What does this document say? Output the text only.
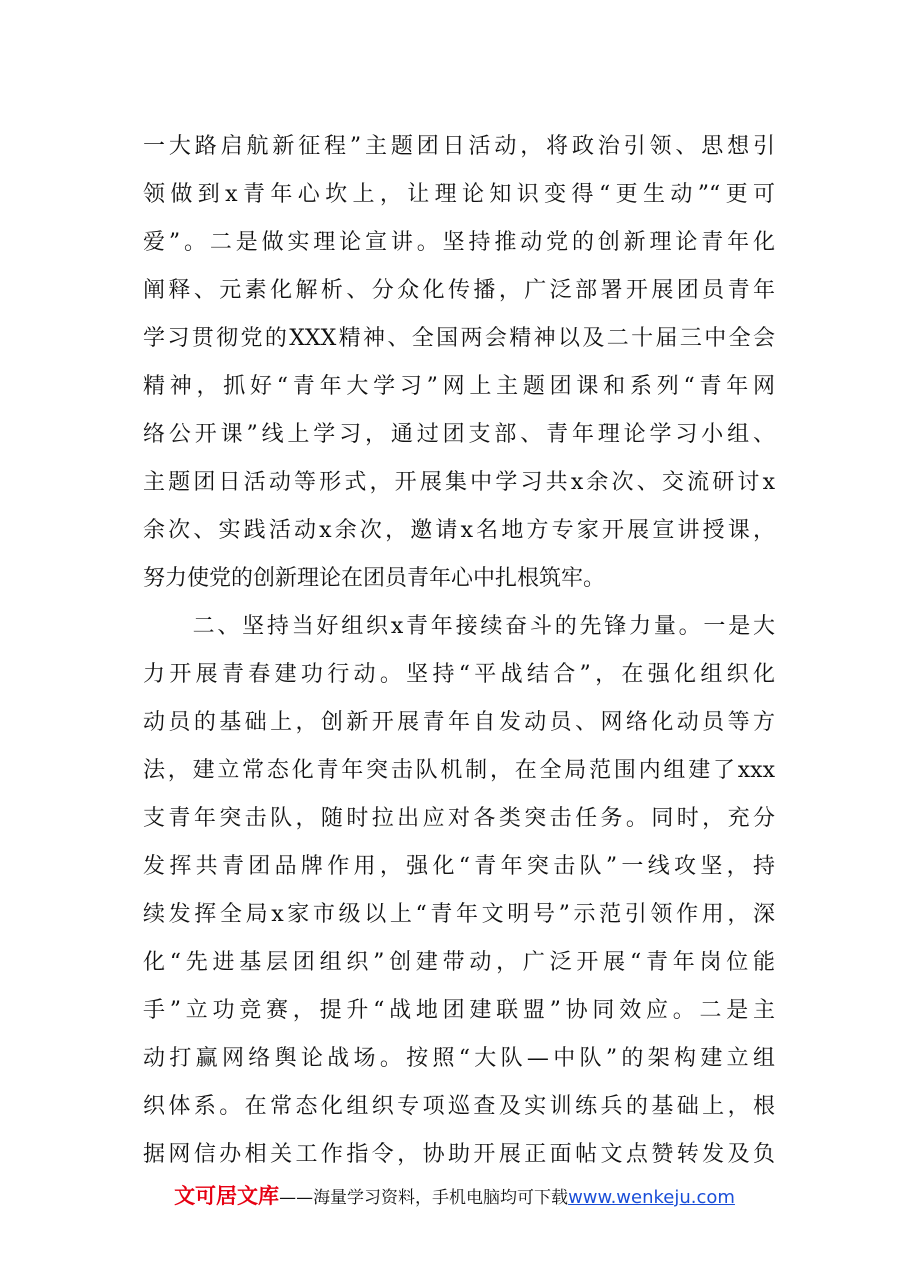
一大路启航新征程”主题团日活动，将政治引领、思想引
领做到x青年心坎上，让理论知识变得“更生动”“更可
爱”。二是做实理论宣讲。坚持推动党的创新理论青年化
阐释、元素化解析、分众化传播，广泛部署开展团员青年
学习贯彻党的XXX精神、全国两会精神以及二十届三中全会
精神，抓好“青年大学习”网上主题团课和系列“青年网
络公开课”线上学习，通过团支部、青年理论学习小组、
主题团日活动等形式，开展集中学习共x余次、交流研讨x
余次、实践活动x余次，邀请x名地方专家开展宣讲授课，
努力使党的创新理论在团员青年心中扎根筑牢。
　　二、坚持当好组织x青年接续奋斗的先锋力量。一是大
力开展青春建功行动。坚持“平战结合”，在强化组织化
动员的基础上，创新开展青年自发动员、网络化动员等方
法，建立常态化青年突击队机制，在全局范围内组建了xxx
支青年突击队，随时拉出应对各类突击任务。同时，充分
发挥共青团品牌作用，强化“青年突击队”一线攻坚，持
续发挥全局x家市级以上“青年文明号”示范引领作用，深
化“先进基层团组织”创建带动，广泛开展“青年岗位能
手”立功竞赛，提升“战地团建联盟”协同效应。二是主
动打赢网络舆论战场。按照“大队—中队”的架构建立组
织体系。在常态化组织专项巡查及实训练兵的基础上，根
据网信办相关工作指令，协助开展正面帖文点赞转发及负
文可居文库——海量学习资料，手机电脑均可下载www.wenkeju.com
